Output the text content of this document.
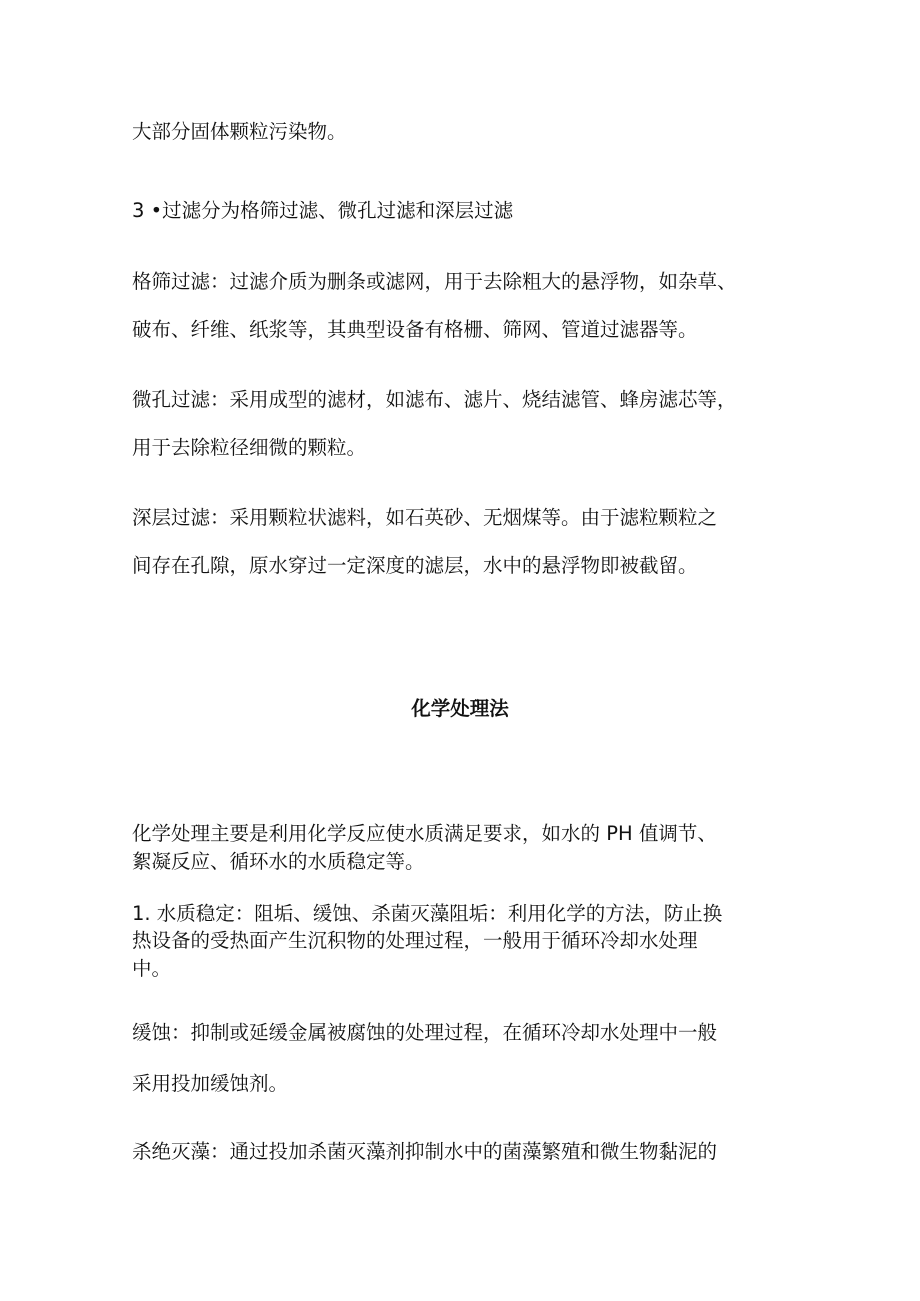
大部分固体颗粒污染物。

3 •过滤分为格筛过滤、微孔过滤和深层过滤

格筛过滤：过滤介质为删条或滤网，用于去除粗大的悬浮物，如杂草、

破布、纤维、纸浆等，其典型设备有格栅、筛网、管道过滤器等。

微孔过滤：采用成型的滤材，如滤布、滤片、烧结滤管、蜂房滤芯等，

用于去除粒径细微的颗粒。

深层过滤：采用颗粒状滤料，如石英砂、无烟煤等。由于滤粒颗粒之

间存在孔隙，原水穿过一定深度的滤层，水中的悬浮物即被截留。

化学处理法

化学处理主要是利用化学反应使水质满足要求，如水的 PH 值调节、

絮凝反应、循环水的水质稳定等。

1. 水质稳定：阻垢、缓蚀、杀菌灭藻阻垢：利用化学的方法，防止换

热设备的受热面产生沉积物的处理过程，一般用于循环冷却水处理

中。

缓蚀：抑制或延缓金属被腐蚀的处理过程，在循环冷却水处理中一般

采用投加缓蚀剂。

杀绝灭藻：通过投加杀菌灭藻剂抑制水中的菌藻繁殖和微生物黏泥的
